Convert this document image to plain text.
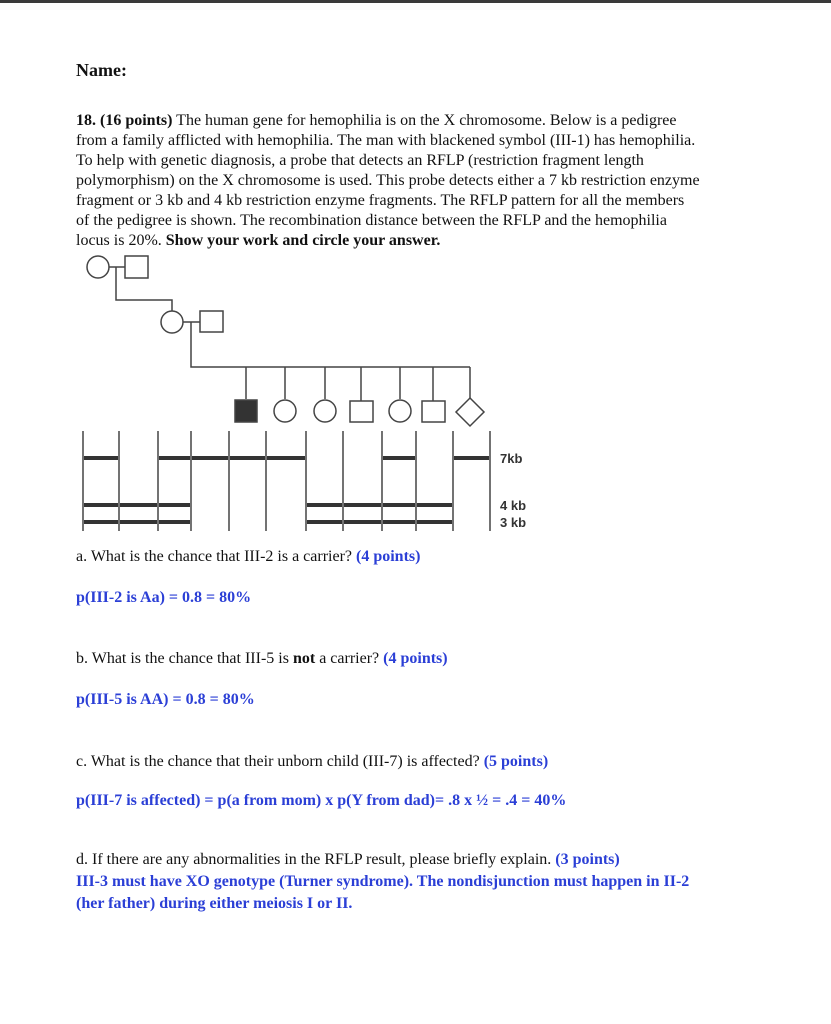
Name:
18. (16 points) The human gene for hemophilia is on the X chromosome. Below is a pedigree
from a family afflicted with hemophilia. The man with blackened symbol (III-1) has hemophilia.
To help with genetic diagnosis, a probe that detects an RFLP (restriction fragment length
polymorphism) on the X chromosome is used. This probe detects either a 7 kb restriction enzyme
fragment or 3 kb and 4 kb restriction enzyme fragments. The RFLP pattern for all the members
of the pedigree is shown. The recombination distance between the RFLP and the hemophilia
locus is 20%. Show your work and circle your answer.
7kb
4 kb
3 kb
a. What is the chance that III-2 is a carrier? (4 points)
p(III-2 is Aa) = 0.8 = 80%
b. What is the chance that III-5 is not a carrier? (4 points)
p(III-5 is AA) = 0.8 = 80%
c. What is the chance that their unborn child (III-7) is affected? (5 points)
p(III-7 is affected) = p(a from mom) x p(Y from dad)= .8 x ½ = .4 = 40%
d. If there are any abnormalities in the RFLP result, please briefly explain. (3 points)
III-3 must have XO genotype (Turner syndrome). The nondisjunction must happen in II-2
(her father) during either meiosis I or II.
